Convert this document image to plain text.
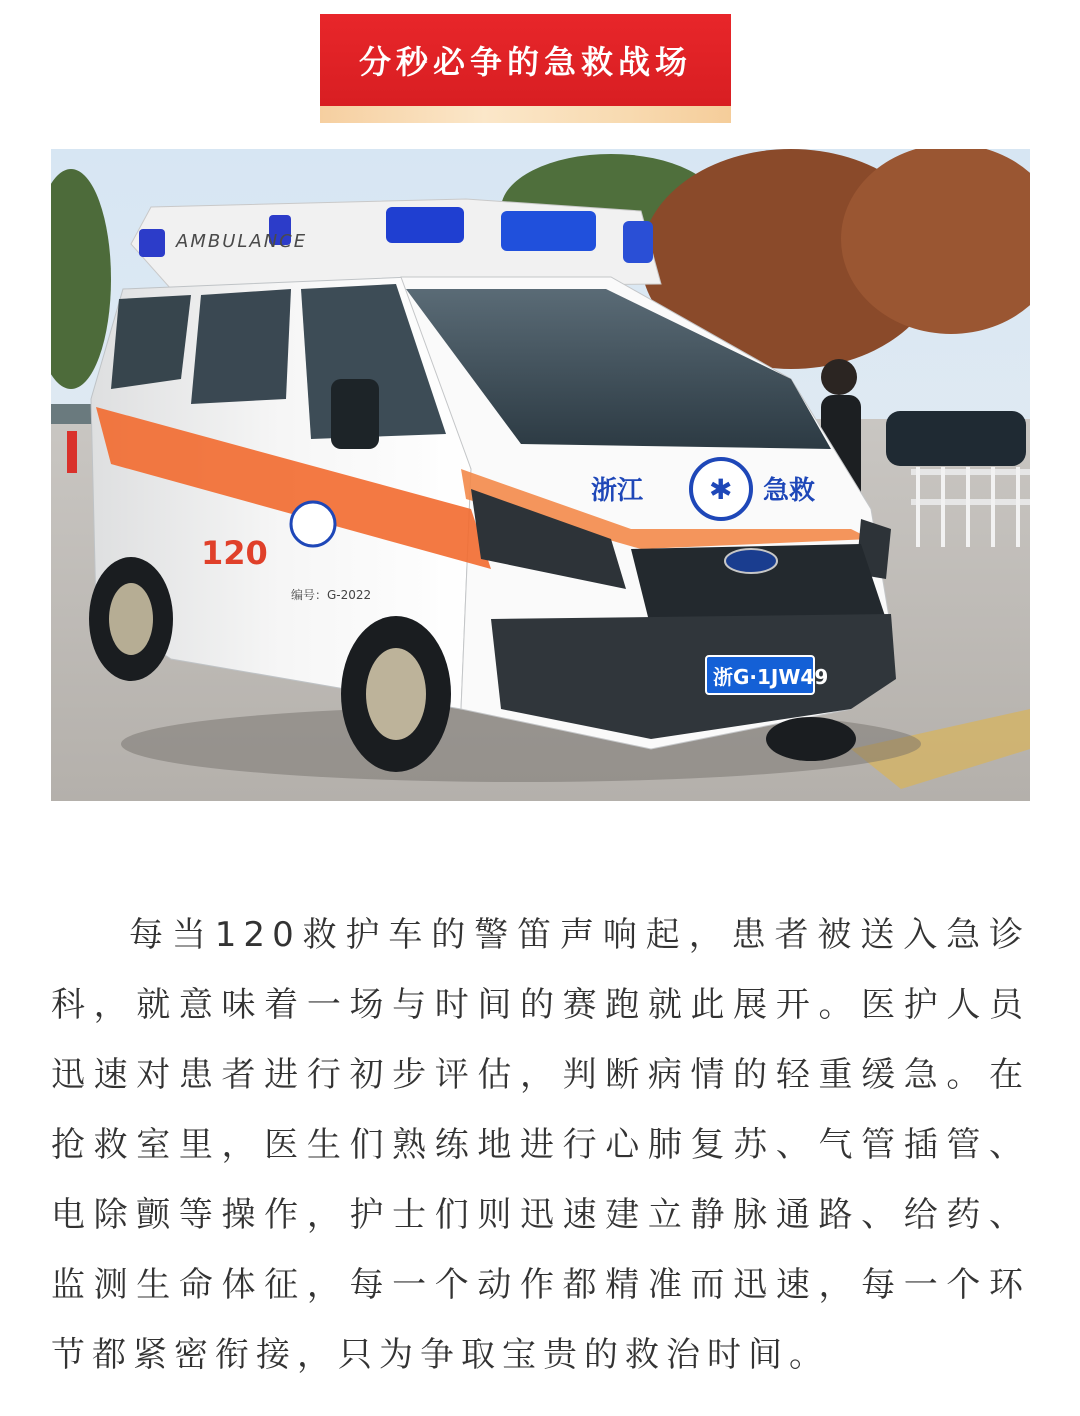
分秒必争的急救战场
AMBULANCE
浙江 ✱ 急救
120
编号：G-2022
浙G·1JW49

每当120救护车的警笛声响起，患者被送入急诊科，就意味着一场与时间的赛跑就此展开。医护人员迅速对患者进行初步评估，判断病情的轻重缓急。在抢救室里，医生们熟练地进行心肺复苏、气管插管、电除颤等操作，护士们则迅速建立静脉通路、给药、监测生命体征，每一个动作都精准而迅速，每一个环节都紧密衔接，只为争取宝贵的救治时间。
